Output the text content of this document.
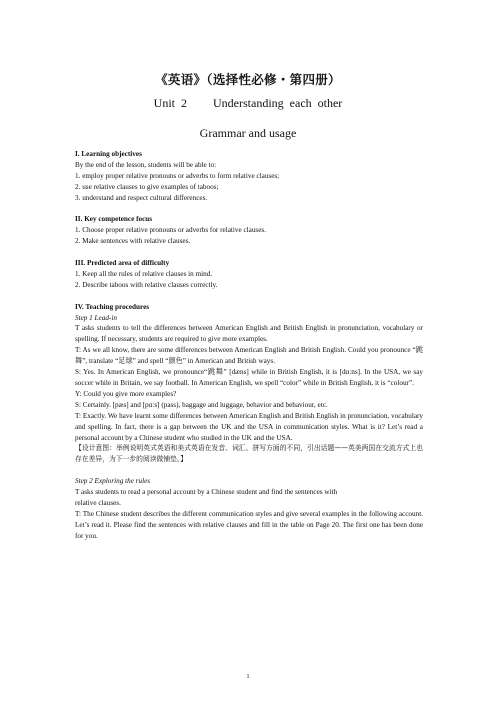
《英语》（选择性必修・第四册）
Unit 2 Understanding each other
Grammar and usage

I. Learning objectives

By the end of the lesson, students will be able to:

1. employ proper relative pronouns or adverbs to form relative clauses;

2. use relative clauses to give examples of taboos;

3. understand and respect cultural differences.

II. Key competence focus

1. Choose proper relative pronouns or adverbs for relative clauses.

2. Make sentences with relative clauses.

III. Predicted area of difficulty

1. Keep all the rules of relative clauses in mind.

2. Describe taboos with relative clauses correctly.

IV. Teaching procedures

Step 1 Lead-in

T asks students to tell the differences between American English and British English in pronunciation, vocabulary or spelling. If necessary, students are required to give more examples.

T: As we all know, there are some differences between American English and British English. Could you pronounce “跳舞”, translate “足球” and spell “颜色” in American and British ways.

S: Yes. In American English, we pronounce“跳舞” [dæns] while in British English, it is [dɑːns]. In the USA, we say soccer while in Britain, we say football. In American English, we spell “color” while in British English, it is “colour”.

Y: Could you give more examples?

S: Certainly. [pæs] and [pɑːs] (pass), baggage and luggage, behavior and behaviour, etc.

T: Exactly. We have learnt some differences between American English and British English in pronunciation, vocabulary and spelling. In fact, there is a gap between the UK and the USA in communication styles. What is it? Let’s read a personal account by a Chinese student who studied in the UK and the USA.

【设计意图：举例说明英式英语和美式英语在发音、词汇、拼写方面的不同，引出话题——英美两国在交流方式上也存在差异，为下一步的阅读做铺垫。】

Step 2 Exploring the rules

T asks students to read a personal account by a Chinese student and find the sentences with

relative clauses.

T: The Chinese student describes the different communication styles and give several examples in the following account. Let’s read it. Please find the sentences with relative clauses and fill in the table on Page 20. The first one has been done for you.

1
